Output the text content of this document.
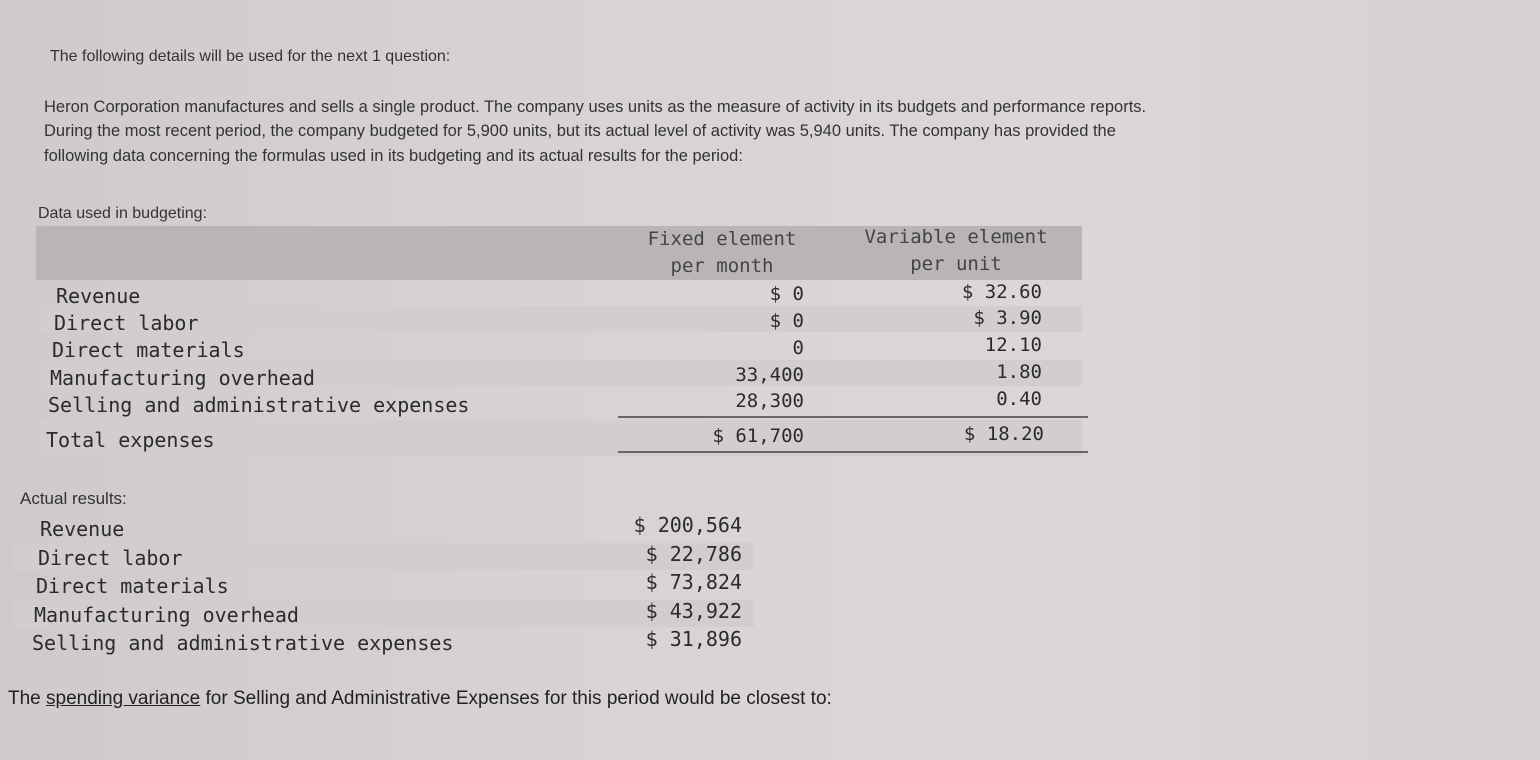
The following details will be used for the next 1 question:
Heron Corporation manufactures and sells a single product. The company uses units as the measure of activity in its budgets and performance reports.
During the most recent period, the company budgeted for 5,900 units, but its actual level of activity was 5,940 units. The company has provided the
following data concerning the formulas used in its budgeting and its actual results for the period:
Data used in budgeting:
Fixed element
per month
Variable element
per unit
Revenue	$ 0	$ 32.60
Direct labor	$ 0	$ 3.90
Direct materials	0	12.10
Manufacturing overhead	33,400	1.80
Selling and administrative expenses	28,300	0.40
Total expenses	$ 61,700	$ 18.20
Actual results:
Revenue	$ 200,564
Direct labor	$ 22,786
Direct materials	$ 73,824
Manufacturing overhead	$ 43,922
Selling and administrative expenses	$ 31,896
The spending variance for Selling and Administrative Expenses for this period would be closest to:
